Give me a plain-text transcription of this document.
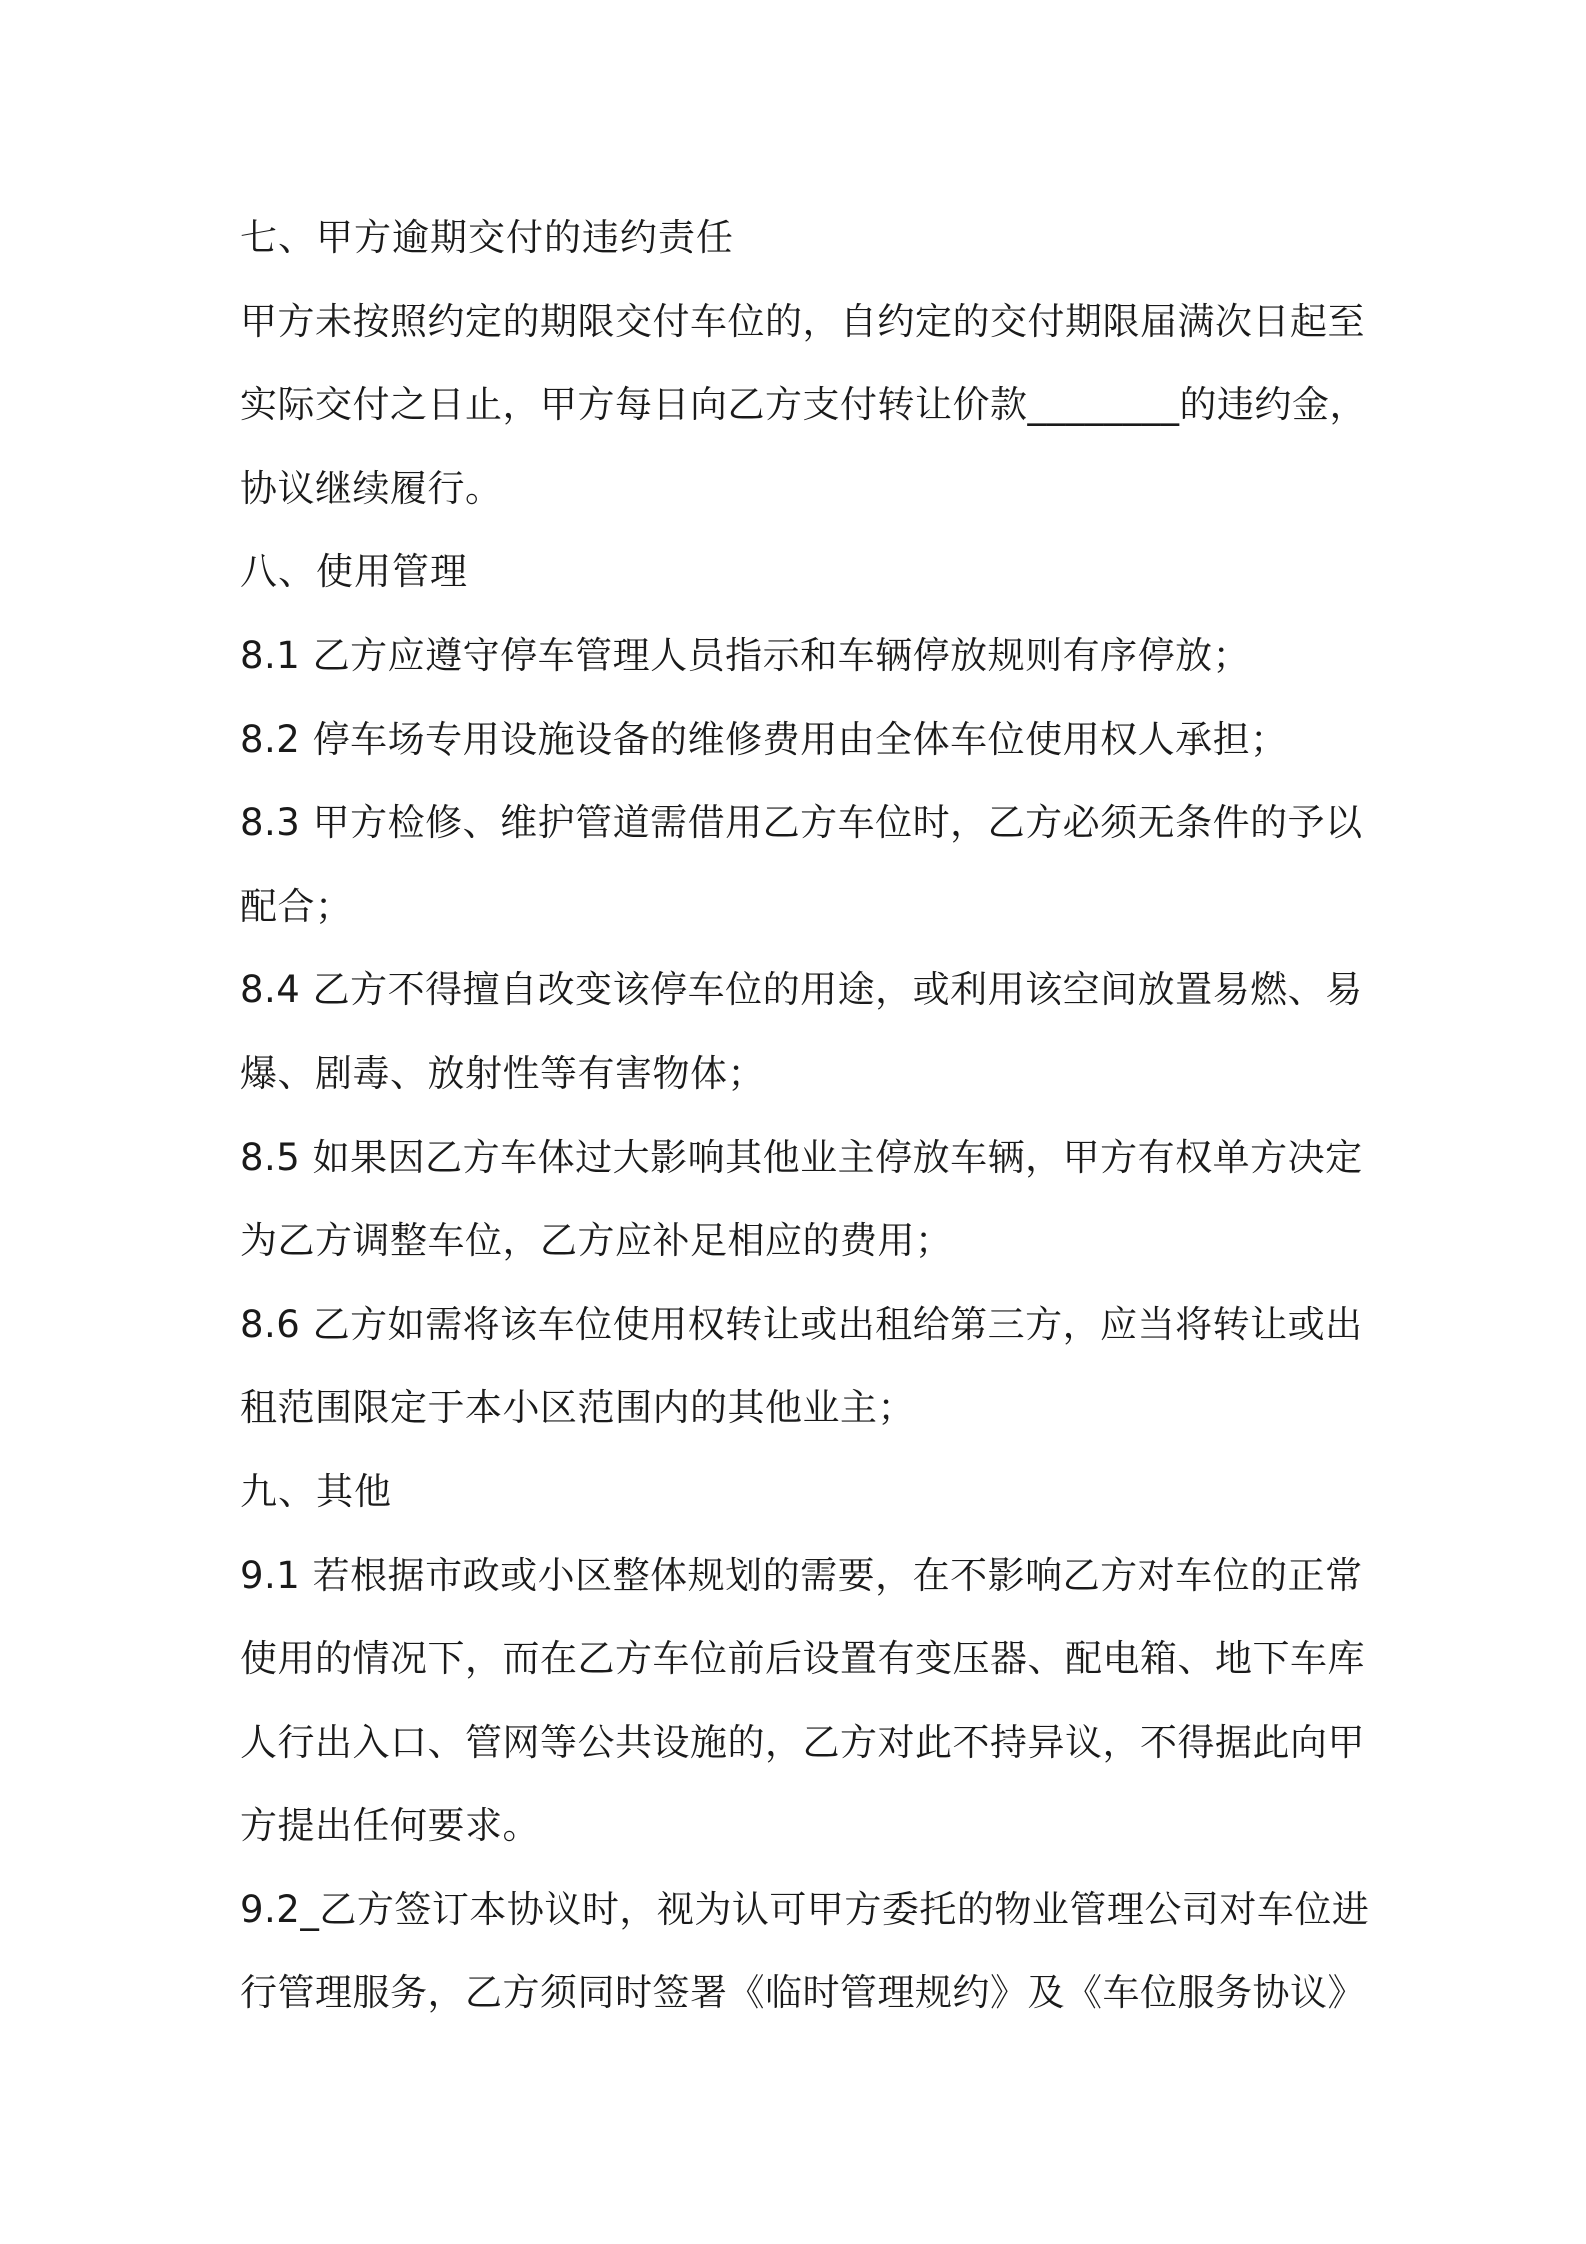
七、甲方逾期交付的违约责任
甲方未按照约定的期限交付车位的，自约定的交付期限届满次日起至
实际交付之日止，甲方每日向乙方支付转让价款________的违约金，
协议继续履行。
八、使用管理
8.1 乙方应遵守停车管理人员指示和车辆停放规则有序停放；
8.2 停车场专用设施设备的维修费用由全体车位使用权人承担；
8.3 甲方检修、维护管道需借用乙方车位时，乙方必须无条件的予以
配合；
8.4 乙方不得擅自改变该停车位的用途，或利用该空间放置易燃、易
爆、剧毒、放射性等有害物体；
8.5 如果因乙方车体过大影响其他业主停放车辆，甲方有权单方决定
为乙方调整车位，乙方应补足相应的费用；
8.6 乙方如需将该车位使用权转让或出租给第三方，应当将转让或出
租范围限定于本小区范围内的其他业主；
九、其他
9.1 若根据市政或小区整体规划的需要，在不影响乙方对车位的正常
使用的情况下，而在乙方车位前后设置有变压器、配电箱、地下车库
人行出入口、管网等公共设施的，乙方对此不持异议，不得据此向甲
方提出任何要求。
9.2_乙方签订本协议时，视为认可甲方委托的物业管理公司对车位进
行管理服务，乙方须同时签署《临时管理规约》及《车位服务协议》
